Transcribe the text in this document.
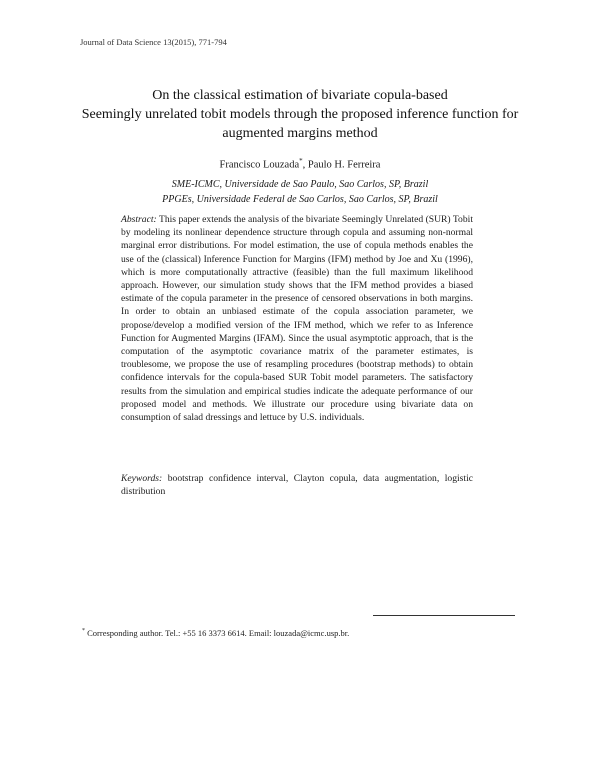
Journal of Data Science 13(2015), 771-794
On the classical estimation of bivariate copula-based
Seemingly unrelated tobit models through the proposed inference function for
augmented margins method
Francisco Louzada*, Paulo H. Ferreira
SME-ICMC, Universidade de Sao Paulo, Sao Carlos, SP, Brazil
PPGEs, Universidade Federal de Sao Carlos, Sao Carlos, SP, Brazil
Abstract: This paper extends the analysis of the bivariate Seemingly Unrelated (SUR) Tobit by modeling its nonlinear dependence structure through copula and assuming non-normal marginal error distributions. For model estimation, the use of copula methods enables the use of the (classical) Inference Function for Margins (IFM) method by Joe and Xu (1996), which is more computationally attractive (feasible) than the full maximum likelihood approach. However, our simulation study shows that the IFM method provides a biased estimate of the copula parameter in the presence of censored observations in both margins. In order to obtain an unbiased estimate of the copula association parameter, we propose/develop a modified version of the IFM method, which we refer to as Inference Function for Augmented Margins (IFAM). Since the usual asymptotic approach, that is the computation of the asymptotic covariance matrix of the parameter estimates, is troublesome, we propose the use of resampling procedures (bootstrap methods) to obtain confidence intervals for the copula-based SUR Tobit model parameters. The satisfactory results from the simulation and empirical studies indicate the adequate performance of our proposed model and methods. We illustrate our procedure using bivariate data on consumption of salad dressings and lettuce by U.S. individuals.
Keywords: bootstrap confidence interval, Clayton copula, data augmentation, logistic distribution
* Corresponding author. Tel.: +55 16 3373 6614. Email: louzada@icmc.usp.br.
